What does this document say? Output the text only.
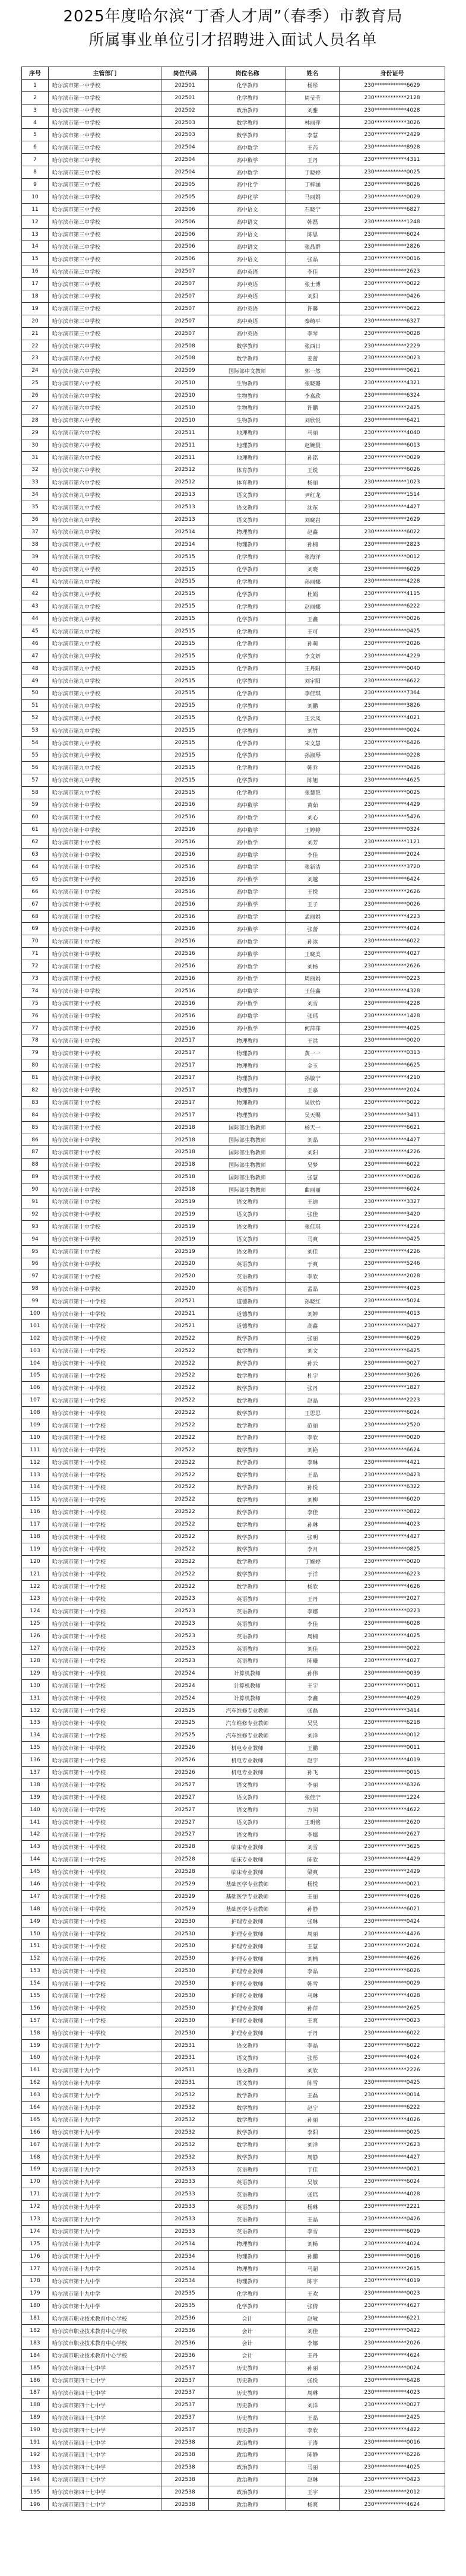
2025年度哈尔滨“丁香人才周”（春季）市教育局
所属事业单位引才招聘进入面试人员名单
序号	主管部门	岗位代码	岗位名称	姓名	身份证号
1	哈尔滨市第一中学校	202501	化学教师	杨彤	230************6629
2	哈尔滨市第一中学校	202501	化学教师	周莹莹	230************2128
3	哈尔滨市第一中学校	202502	政治教师	刘雅	230************4028
4	哈尔滨市第一中学校	202503	数学教师	林丽萍	230************3026
5	哈尔滨市第一中学校	202503	数学教师	李慧	230************2429
6	哈尔滨市第三中学校	202504	高中数学	王芮	230************8928
7	哈尔滨市第三中学校	202504	高中数学	王丹	230************4311
8	哈尔滨市第三中学校	202504	高中数学	于晓婷	230************0025
9	哈尔滨市第三中学校	202505	高中化学	丁梓涵	230************8026
10	哈尔滨市第三中学校	202505	高中化学	马丽娟	230************0029
11	哈尔滨市第三中学校	202506	高中语文	石晓宁	230************6827
12	哈尔滨市第三中学校	202506	高中语文	韩磊	230************1248
13	哈尔滨市第三中学校	202506	高中语文	陈思	230************6024
14	哈尔滨市第三中学校	202506	高中语文	张晶群	230************2826
15	哈尔滨市第三中学校	202506	高中语文	张晶	230************0016
16	哈尔滨市第三中学校	202507	高中英语	李佳	230************2623
17	哈尔滨市第三中学校	202507	高中英语	张士博	230************0022
18	哈尔滨市第三中学校	202507	高中英语	刘阳	230************0426
19	哈尔滨市第三中学校	202507	高中英语	许馨	230************0622
20	哈尔滨市第三中学校	202507	高中英语	秦绮平	230************6327
21	哈尔滨市第三中学校	202507	高中英语	李琴	230************0028
22	哈尔滨市第六中学校	202508	数学教师	张西日	230************2229
23	哈尔滨市第六中学校	202508	数学教师	姜蕾	230************0023
24	哈尔滨市第六中学校	202509	国际部中文教师	郭一然	230************0621
25	哈尔滨市第六中学校	202510	生物教师	张晓璐	230************4321
26	哈尔滨市第六中学校	202510	生物教师	李嘉欣	230************6324
27	哈尔滨市第六中学校	202510	生物教师	许鹏	230************2425
28	哈尔滨市第六中学校	202510	生物教师	刘欣悦	230************6421
29	哈尔滨市第六中学校	202511	地理教师	马丽	230************4040
30	哈尔滨市第六中学校	202511	地理教师	赵婉晨	230************6013
31	哈尔滨市第六中学校	202511	地理教师	孙铭	230************0029
32	哈尔滨市第六中学校	202512	体育教师	王锐	230************6026
33	哈尔滨市第六中学校	202512	体育教师	杨丽	230************1023
34	哈尔滨市第九中学校	202513	语文教师	尹红龙	230************1514
35	哈尔滨市第九中学校	202513	语文教师	沈东	230************4427
36	哈尔滨市第九中学校	202513	语文教师	刘晓岩	230************2629
37	哈尔滨市第九中学校	202514	物理教师	赵鑫	230************6022
38	哈尔滨市第九中学校	202514	物理教师	孙楠	230************2823
39	哈尔滨市第九中学校	202515	化学教师	张海洋	230************0012
40	哈尔滨市第九中学校	202515	化学教师	刘晓	230************6029
41	哈尔滨市第九中学校	202515	化学教师	孙丽娜	230************4228
42	哈尔滨市第九中学校	202515	化学教师	杜娟	230************4115
43	哈尔滨市第九中学校	202515	化学教师	赵丽娜	230************6222
44	哈尔滨市第九中学校	202515	化学教师	王鑫	230************0026
45	哈尔滨市第九中学校	202515	化学教师	王可	230************0425
46	哈尔滨市第九中学校	202515	化学教师	孙萌	230************2026
47	哈尔滨市第九中学校	202515	化学教师	李文妍	230************4229
48	哈尔滨市第九中学校	202515	化学教师	王丹阳	230************0040
49	哈尔滨市第九中学校	202515	化学教师	刘宇阳	230************6622
50	哈尔滨市第九中学校	202515	化学教师	李佳琪	230************7364
51	哈尔滨市第九中学校	202515	化学教师	刘鹏	230************3826
52	哈尔滨市第九中学校	202515	化学教师	王云凤	230************4021
53	哈尔滨市第九中学校	202515	化学教师	刘竹	230************0024
54	哈尔滨市第九中学校	202515	化学教师	宋文慧	230************6426
55	哈尔滨市第九中学校	202515	化学教师	孙淑琴	230************0228
56	哈尔滨市第九中学校	202515	化学教师	韩乔	230************0426
57	哈尔滨市第九中学校	202515	化学教师	陈旭	230************4625
58	哈尔滨市第九中学校	202515	化学教师	张慧艳	230************0025
59	哈尔滨市第十中学校	202516	高中数学	黄茹	230************4429
60	哈尔滨市第十中学校	202516	高中数学	刘心	230************5426
61	哈尔滨市第十中学校	202516	高中数学	王婷婷	230************0324
62	哈尔滨市第十中学校	202516	高中数学	刘芳	230************1121
63	哈尔滨市第十中学校	202516	高中数学	李佳	230************2024
64	哈尔滨市第十中学校	202516	高中数学	张新洁	230************3720
65	哈尔滨市第十中学校	202516	高中数学	刘越	230************6424
66	哈尔滨市第十中学校	202516	高中数学	王悦	230************2626
67	哈尔滨市第十中学校	202516	高中数学	王子	230************0026
68	哈尔滨市第十中学校	202516	高中数学	孟丽娟	230************4223
69	哈尔滨市第十中学校	202516	高中数学	张蕾	230************4024
70	哈尔滨市第十中学校	202516	高中数学	孙冰	230************6022
71	哈尔滨市第十中学校	202516	高中数学	王晓美	230************4027
72	哈尔滨市第十中学校	202516	高中数学	刘畅	230************2626
73	哈尔滨市第十中学校	202516	高中数学	周丽娟	230************0223
74	哈尔滨市第十中学校	202516	高中数学	王佳鑫	230************4328
75	哈尔滨市第十中学校	202516	高中数学	刘雪	230************4228
76	哈尔滨市第十中学校	202516	高中数学	张瑶	230************1428
77	哈尔滨市第十中学校	202516	高中数学	何萍萍	230************4025
78	哈尔滨市第十中学校	202517	物理教师	王洪	230************0020
79	哈尔滨市第十中学校	202517	物理教师	黄一一	230************0313
80	哈尔滨市第十中学校	202517	物理教师	金玉	230************6625
81	哈尔滨市第十中学校	202517	物理教师	孙敏宁	230************4210
82	哈尔滨市第十中学校	202517	物理教师	王嘉	230************2024
83	哈尔滨市第十中学校	202517	物理教师	吴欣怡	230************0022
84	哈尔滨市第十中学校	202517	物理教师	吴天赐	230************3411
85	哈尔滨市第十中学校	202518	国际部生物教师	杨天一	230************6621
86	哈尔滨市第十中学校	202518	国际部生物教师	刘晶	230************4427
87	哈尔滨市第十中学校	202518	国际部生物教师	刘阳	230************4226
88	哈尔滨市第十中学校	202518	国际部生物教师	吴梦	230************6022
89	哈尔滨市第十中学校	202518	国际部生物教师	张慧	230************0026
90	哈尔滨市第十中学校	202518	国际部生物教师	曲丽丽	230************6024
91	哈尔滨市第十中学校	202519	语文教师	王迪	230************3327
92	哈尔滨市第十中学校	202519	语文教师	张佳	230************3420
93	哈尔滨市第十中学校	202519	语文教师	张佳琪	230************4224
94	哈尔滨市第十中学校	202519	语文教师	马爽	230************0425
95	哈尔滨市第十中学校	202519	语文教师	刘佳	230************4226
96	哈尔滨市第十中学校	202520	英语教师	于爽	230************5246
97	哈尔滨市第十中学校	202520	英语教师	李欣	230************2028
98	哈尔滨市第十中学校	202520	英语教师	孟晶	230************4023
99	哈尔滨市第十一中学校	202521	道德教师	孙晓红	230************5024
100	哈尔滨市第十一中学校	202521	道德教师	刘婷	230************4013
101	哈尔滨市第十一中学校	202521	道德教师	高鑫	230************0427
102	哈尔滨市第十一中学校	202522	数学教师	张丽	230************6029
103	哈尔滨市第十一中学校	202522	数学教师	刘文	230************6425
104	哈尔滨市第十一中学校	202522	数学教师	孙云	230************0027
105	哈尔滨市第十一中学校	202522	数学教师	杜宇	230************3026
106	哈尔滨市第十一中学校	202522	数学教师	张丹	230************1827
107	哈尔滨市第十一中学校	202522	数学教师	赵晶	230************2223
108	哈尔滨市第十一中学校	202522	数学教师	王思思	230************6024
109	哈尔滨市第十一中学校	202522	数学教师	范丽	230************2520
110	哈尔滨市第十一中学校	202522	数学教师	李欣	230************0020
111	哈尔滨市第十一中学校	202522	数学教师	刘艳	230************6624
112	哈尔滨市第十一中学校	202522	数学教师	李琳	230************4421
113	哈尔滨市第十一中学校	202522	数学教师	王晶	230************0423
114	哈尔滨市第十一中学校	202522	数学教师	孙悦	230************6322
115	哈尔滨市第十一中学校	202522	数学教师	刘柳	230************6020
116	哈尔滨市第十一中学校	202522	数学教师	李佳	230************0822
117	哈尔滨市第十一中学校	202522	数学教师	孙琳	230************4023
118	哈尔滨市第十一中学校	202522	数学教师	张明	230************4427
119	哈尔滨市第十一中学校	202522	数学教师	李月	230************0825
120	哈尔滨市第十一中学校	202522	数学教师	丁婉婷	230************0020
121	哈尔滨市第十一中学校	202522	数学教师	于洋	230************6223
122	哈尔滨市第十一中学校	202522	数学教师	杨欣	230************4626
123	哈尔滨市第十一中学校	202523	英语教师	王丹	230************2027
124	哈尔滨市第十一中学校	202523	英语教师	李娜	230************0223
125	哈尔滨市第十一中学校	202523	英语教师	李佳	230************6028
126	哈尔滨市第十一中学校	202523	英语教师	周楠	230************4025
127	哈尔滨市第十一中学校	202523	英语教师	刘佳	230************0022
128	哈尔滨市第十一中学校	202523	英语教师	陈曦	230************4027
129	哈尔滨市第十一中学校	202524	计算机教师	孙伟	230************0039
130	哈尔滨市第十一中学校	202524	计算机教师	王宇	230************0011
131	哈尔滨市第十一中学校	202524	计算机教师	李鑫	230************4029
132	哈尔滨市第十一中学校	202525	汽车维修专业教师	张磊	230************3414
133	哈尔滨市第十一中学校	202525	汽车维修专业教师	吴昊	230************6218
134	哈尔滨市第十一中学校	202525	汽车维修专业教师	刘洋	230************0012
135	哈尔滨市第十一中学校	202526	机电专业教师	王鹏	230************0011
136	哈尔滨市第十一中学校	202526	机电专业教师	赵宇	230************4019
137	哈尔滨市第十一中学校	202526	机电专业教师	孙飞	230************0015
138	哈尔滨市第十一中学校	202527	语文教师	李丽	230************6326
139	哈尔滨市第十一中学校	202527	语文教师	张佳宁	230************1224
140	哈尔滨市第十一中学校	202527	语文教师	方园	230************4622
141	哈尔滨市第十一中学校	202527	语文教师	王玥铭	230************2620
142	哈尔滨市第十一中学校	202527	语文教师	李娜	230************2627
143	哈尔滨市第十一中学校	202528	临床专业教师	刘雪	230************3625
144	哈尔滨市第十一中学校	202528	临床专业教师	陈欣	230************4429
145	哈尔滨市第十一中学校	202528	临床专业教师	梁爽	230************2429
146	哈尔滨市第十一中学校	202529	基础医学专业教师	杨悦	230************0021
147	哈尔滨市第十一中学校	202529	基础医学专业教师	王丽	230************4026
148	哈尔滨市第十一中学校	202529	基础医学专业教师	孙静	230************6021
149	哈尔滨市第十一中学校	202530	护理专业教师	张琳	230************0424
150	哈尔滨市第十一中学校	202530	护理专业教师	周丽	230************4426
151	哈尔滨市第十一中学校	202530	护理专业教师	王慧	230************2024
152	哈尔滨市第十一中学校	202530	护理专业教师	刘楠	230************4626
153	哈尔滨市第十一中学校	202530	护理专业教师	李晶	230************6026
154	哈尔滨市第十一中学校	202530	护理专业教师	韩雪	230************0029
155	哈尔滨市第十一中学校	202530	护理专业教师	马琳	230************4028
156	哈尔滨市第十一中学校	202530	护理专业教师	孙萍	230************2625
157	哈尔滨市第十一中学校	202530	护理专业教师	王爽	230************0023
158	哈尔滨市第十一中学校	202530	护理专业教师	于丹	230************6022
159	哈尔滨市第十九中学	202531	语文教师	李晶	230************6022
160	哈尔滨市第十九中学	202531	语文教师	张彤	230************4024
161	哈尔滨市第十九中学	202531	语文教师	刘欣	230************2226
162	哈尔滨市第十九中学	202531	语文教师	陈雪	230************0425
163	哈尔滨市第十九中学	202532	数学教师	王磊	230************0014
164	哈尔滨市第十九中学	202532	数学教师	赵宁	230************6222
165	哈尔滨市第十九中学	202532	数学教师	孙丽	230************4026
166	哈尔滨市第十九中学	202532	数学教师	李阳	230************0025
167	哈尔滨市第十九中学	202532	数学教师	刘洋	230************2623
168	哈尔滨市第十九中学	202532	数学教师	周静	230************4427
169	哈尔滨市第十九中学	202533	英语教师	于佳	230************0021
170	哈尔滨市第十九中学	202533	英语教师	吴敏	230************6024
171	哈尔滨市第十九中学	202533	英语教师	张瑶	230************4028
172	哈尔滨市第十九中学	202533	英语教师	杨琳	230************2221
173	哈尔滨市第十九中学	202533	英语教师	王晶	230************0426
174	哈尔滨市第十九中学	202533	英语教师	李雪	230************6029
175	哈尔滨市第十九中学	202534	物理教师	刘畅	230************4024
176	哈尔滨市第十九中学	202534	物理教师	孙鹏	230************0016
177	哈尔滨市第十九中学	202534	物理教师	马超	230************2615
178	哈尔滨市第十九中学	202534	物理教师	陈宇	230************4019
179	哈尔滨市第十九中学	202535	化学教师	王欢	230************0023
180	哈尔滨市第十九中学	202535	化学教师	张倩	230************4627
181	哈尔滨市职业技术教育中心学校	202536	会计	赵敏	230************6221
182	哈尔滨市职业技术教育中心学校	202536	会计	刘佳	230************0422
183	哈尔滨市职业技术教育中心学校	202536	会计	李娜	230************2026
184	哈尔滨市职业技术教育中心学校	202536	会计	王丹	230************4624
185	哈尔滨市第四十七中学	202537	历史教师	孙丽	230************0024
186	哈尔滨市第四十七中学	202537	历史教师	张悦	230************6428
187	哈尔滨市第四十七中学	202537	历史教师	周琳	230************4023
188	哈尔滨市第四十七中学	202537	历史教师	刘洋	230************0027
189	哈尔滨市第四十七中学	202537	历史教师	王晶	230************2425
190	哈尔滨市第四十七中学	202537	历史教师	李欣	230************4422
191	哈尔滨市第四十七中学	202538	政治教师	于涛	230************0016
192	哈尔滨市第四十七中学	202538	政治教师	陈静	230************6226
193	哈尔滨市第四十七中学	202538	政治教师	马丽	230************4025
194	哈尔滨市第四十七中学	202538	政治教师	赵琳	230************0423
195	哈尔滨市第四十七中学	202538	政治教师	王宇	230************2012
196	哈尔滨市第四十七中学	202538	政治教师	杨爽	230************4624
